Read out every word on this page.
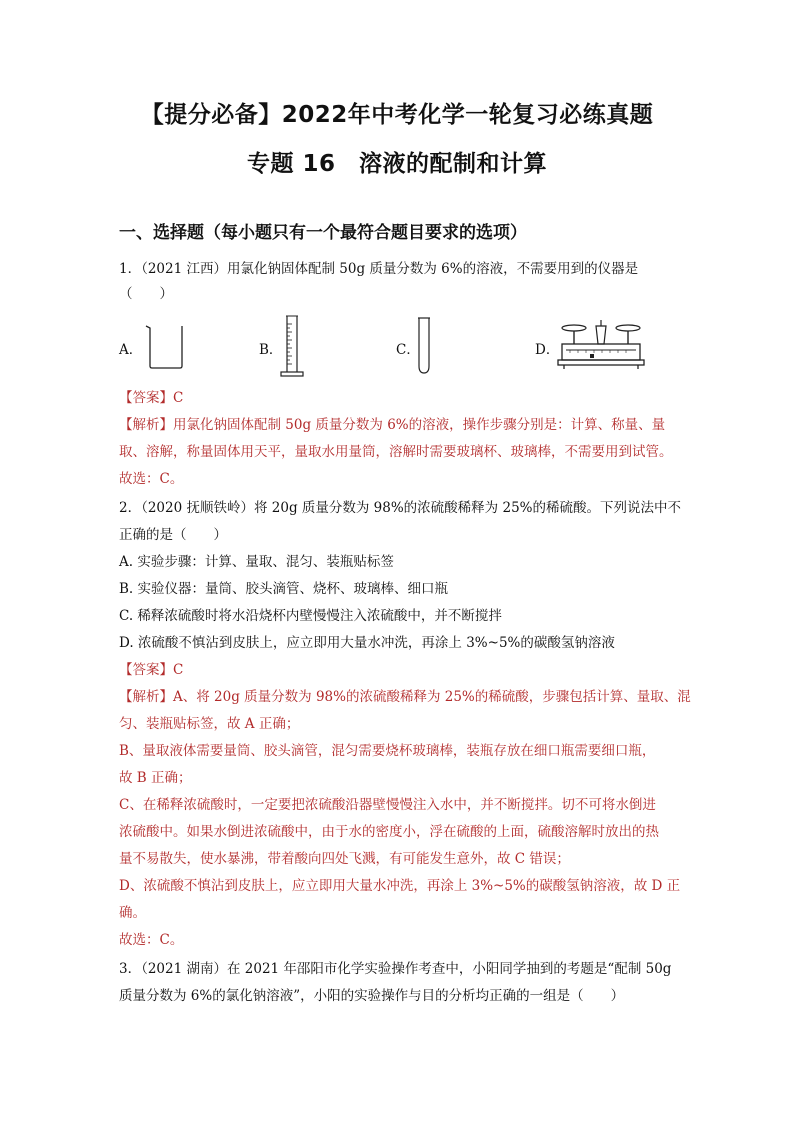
【提分必备】2022年中考化学一轮复习必练真题
专题 16　溶液的配制和计算
一、选择题（每小题只有一个最符合题目要求的选项）
1．（2021 江西）用氯化钠固体配制 50g 质量分数为 6%的溶液，不需要用到的仪器是
（　　）
A．	B．	C．	D．
【答案】C
【解析】用氯化钠固体配制 50g 质量分数为 6%的溶液，操作步骤分别是：计算、称量、量
取、溶解，称量固体用天平，量取水用量筒，溶解时需要玻璃杯、玻璃棒，不需要用到试管。
故选：C。
2．（2020 抚顺铁岭）将 20g 质量分数为 98%的浓硫酸稀释为 25%的稀硫酸。下列说法中不
正确的是（　　）
A. 实验步骤：计算、量取、混匀、装瓶贴标签
B. 实验仪器：量筒、胶头滴管、烧杯、玻璃棒、细口瓶
C. 稀释浓硫酸时将水沿烧杯内壁慢慢注入浓硫酸中，并不断搅拌
D. 浓硫酸不慎沾到皮肤上，应立即用大量水冲洗，再涂上 3%~5%的碳酸氢钠溶液
【答案】C
【解析】A、将 20g 质量分数为 98%的浓硫酸稀释为 25%的稀硫酸，步骤包括计算、量取、混
匀、装瓶贴标签，故 A 正确；
B、量取液体需要量筒、胶头滴管，混匀需要烧杯玻璃棒，装瓶存放在细口瓶需要细口瓶，
故 B 正确；
C、在稀释浓硫酸时，一定要把浓硫酸沿器壁慢慢注入水中，并不断搅拌。切不可将水倒进
浓硫酸中。如果水倒进浓硫酸中，由于水的密度小，浮在硫酸的上面，硫酸溶解时放出的热
量不易散失，使水暴沸，带着酸向四处飞溅，有可能发生意外，故 C 错误；
D、浓硫酸不慎沾到皮肤上，应立即用大量水冲洗，再涂上 3%~5%的碳酸氢钠溶液，故 D 正
确。
故选：C。
3．（2021 湖南）在 2021 年邵阳市化学实验操作考查中，小阳同学抽到的考题是“配制 50g
质量分数为 6%的氯化钠溶液”，小阳的实验操作与目的分析均正确的一组是（　　）
